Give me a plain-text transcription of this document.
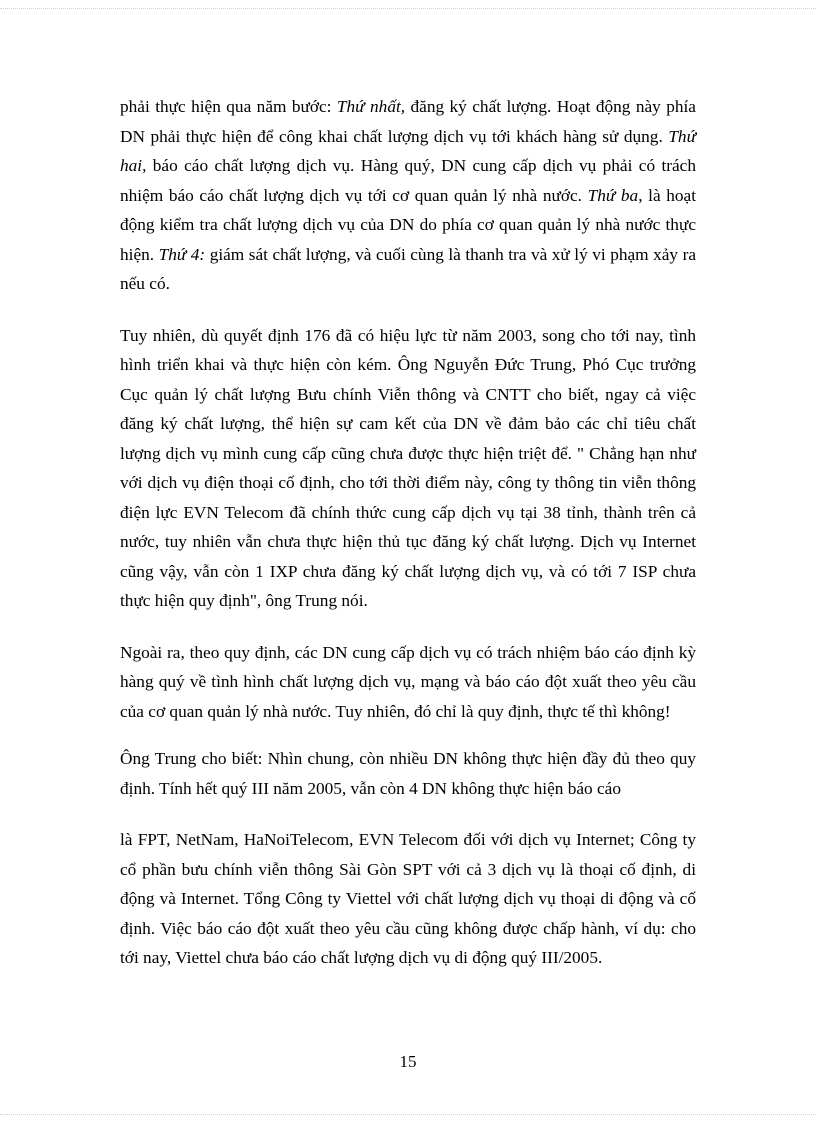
phải thực hiện qua năm bước: Thứ nhất, đăng ký chất lượng. Hoạt động này phía DN phải thực hiện để công khai chất lượng dịch vụ tới khách hàng sử dụng. Thứ hai, báo cáo chất lượng dịch vụ. Hàng quý, DN cung cấp dịch vụ phải có trách nhiệm báo cáo chất lượng dịch vụ tới cơ quan quản lý nhà nước. Thứ ba, là hoạt động kiểm tra chất lượng dịch vụ của DN do phía cơ quan quản lý nhà nước thực hiện. Thứ 4: giám sát chất lượng, và cuối cùng là thanh tra và xử lý vi phạm xảy ra nếu có.

Tuy nhiên, dù quyết định 176 đã có hiệu lực từ năm 2003, song cho tới nay, tình hình triển khai và thực hiện còn kém. Ông Nguyễn Đức Trung, Phó Cục trưởng Cục quản lý chất lượng Bưu chính Viễn thông và CNTT cho biết, ngay cả việc đăng ký chất lượng, thể hiện sự cam kết của DN về đảm bảo các chỉ tiêu chất lượng dịch vụ mình cung cấp cũng chưa được thực hiện triệt để. " Chẳng hạn như với dịch vụ điện thoại cố định, cho tới thời điểm này, công ty thông tin viễn thông điện lực EVN Telecom đã chính thức cung cấp dịch vụ tại 38 tỉnh, thành trên cả nước, tuy nhiên vẫn chưa thực hiện thủ tục đăng ký chất lượng. Dịch vụ Internet cũng vậy, vẫn còn 1 IXP chưa đăng ký chất lượng dịch vụ, và có tới 7 ISP chưa thực hiện quy định", ông Trung nói.

Ngoài ra, theo quy định, các DN cung cấp dịch vụ có trách nhiệm báo cáo định kỳ hàng quý về tình hình chất lượng dịch vụ, mạng và báo cáo đột xuất theo yêu cầu của cơ quan quản lý nhà nước. Tuy nhiên, đó chỉ là quy định, thực tế thì không!

Ông Trung cho biết: Nhìn chung, còn nhiều DN không thực hiện đầy đủ theo quy định. Tính hết quý III năm 2005, vẫn còn 4 DN không thực hiện báo cáo

là FPT, NetNam, HaNoiTelecom, EVN Telecom đối với dịch vụ Internet; Công ty cổ phần bưu chính viễn thông Sài Gòn SPT với cả 3 dịch vụ là thoại cố định, di động và Internet. Tổng Công ty Viettel với chất lượng dịch vụ thoại di động và cố định. Việc báo cáo đột xuất theo yêu cầu cũng không được chấp hành, ví dụ: cho tới nay, Viettel chưa báo cáo chất lượng dịch vụ di động quý III/2005.

15
